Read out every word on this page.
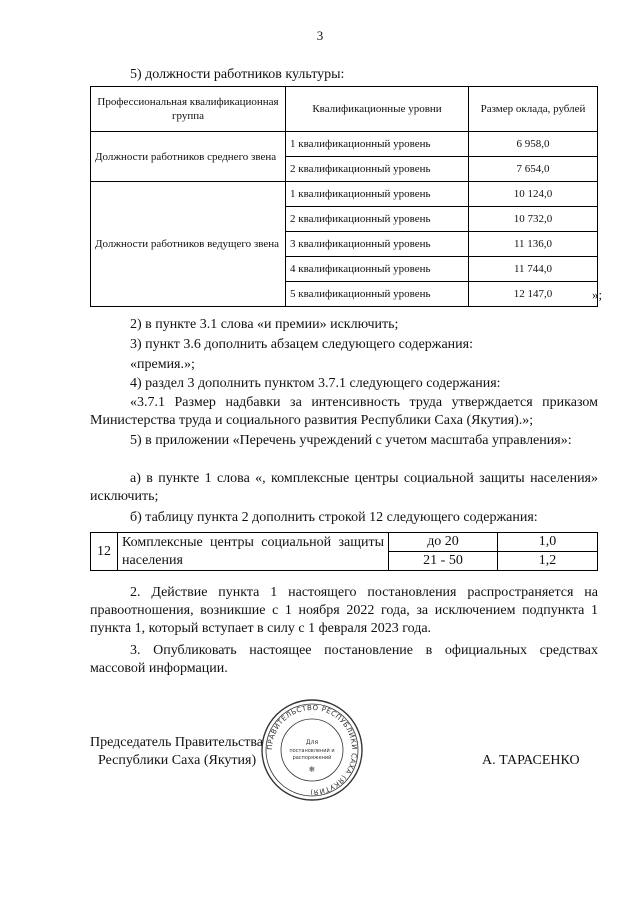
3
5) должности работников культуры:
Профессиональная квалификационная группа	Квалификационные уровни	Размер оклада, рублей
Должности работников среднего звена	1 квалификационный уровень	6 958,0
	2 квалификационный уровень	7 654,0
Должности работников ведущего звена	1 квалификационный уровень	10 124,0
	2 квалификационный уровень	10 732,0
	3 квалификационный уровень	11 136,0
	4 квалификационный уровень	11 744,0
	5 квалификационный уровень	12 147,0	»;
2) в пункте 3.1 слова «и премии» исключить;
3) пункт 3.6 дополнить абзацем следующего содержания:
«премия.»;
4) раздел 3 дополнить пунктом 3.7.1 следующего содержания:
«3.7.1 Размер надбавки за интенсивность труда утверждается приказом Министерства труда и социального развития Республики Саха (Якутия).»;
5) в приложении «Перечень учреждений с учетом масштаба управления»:
а) в пункте 1 слова «, комплексные центры социальной защиты населения» исключить;
б) таблицу пункта 2 дополнить строкой 12 следующего содержания:
12	Комплексные центры социальной защиты населения	до 20	1,0
		21 - 50	1,2
2. Действие пункта 1 настоящего постановления распространяется на правоотношения, возникшие с 1 ноября 2022 года, за исключением подпункта 1 пункта 1, который вступает в силу с 1 февраля 2023 года.
3. Опубликовать настоящее постановление в официальных средствах массовой информации.
Председатель Правительства
Республики Саха (Якутия)	А. ТАРАСЕНКО
ПРАВИТЕЛЬСТВО РЕСПУБЛИКИ САХА (ЯКУТИЯ)
Для
постановлений и
распоряжений
❄
